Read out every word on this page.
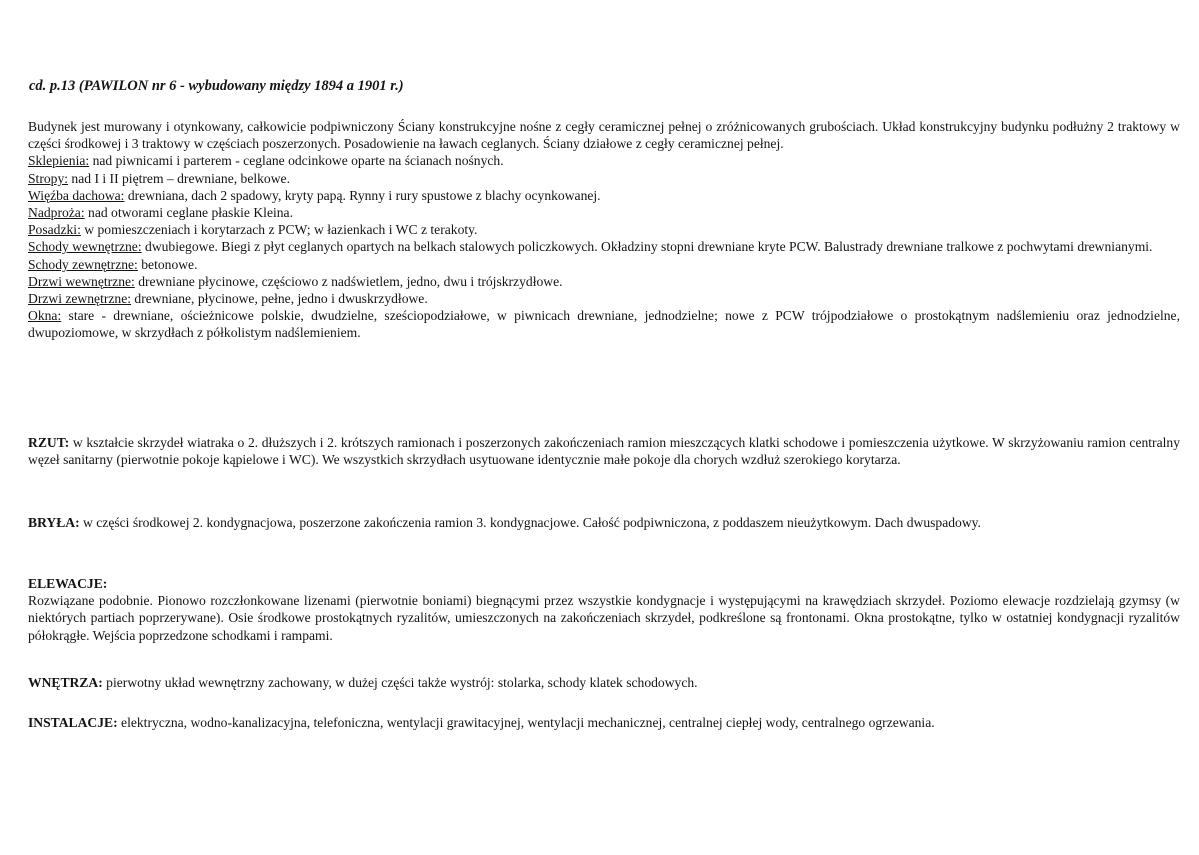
cd. p.13 (PAWILON nr 6 - wybudowany między 1894 a 1901 r.)

Budynek jest murowany i otynkowany, całkowicie podpiwniczony Ściany konstrukcyjne nośne z cegły ceramicznej pełnej o zróżnicowanych grubościach. Układ konstrukcyjny budynku podłużny 2 traktowy w części środkowej i 3 traktowy w częściach poszerzonych. Posadowienie na ławach ceglanych. Ściany działowe z cegły ceramicznej pełnej.

Sklepienia: nad piwnicami i parterem - ceglane odcinkowe oparte na ścianach nośnych.

Stropy: nad I i II piętrem – drewniane, belkowe.

Więźba dachowa: drewniana, dach 2 spadowy, kryty papą. Rynny i rury spustowe z blachy ocynkowanej.

Nadproża: nad otworami ceglane płaskie Kleina.

Posadzki: w pomieszczeniach i korytarzach z PCW; w łazienkach i WC z terakoty.

Schody wewnętrzne: dwubiegowe. Biegi z płyt ceglanych opartych na belkach stalowych policzkowych. Okładziny stopni drewniane kryte PCW. Balustrady drewniane tralkowe z pochwytami drewnianymi.

Schody zewnętrzne: betonowe.

Drzwi wewnętrzne: drewniane płycinowe, częściowo z nadświetlem, jedno, dwu i trójskrzydłowe.

Drzwi zewnętrzne: drewniane, płycinowe, pełne, jedno i dwuskrzydłowe.

Okna: stare - drewniane, ościeżnicowe polskie, dwudzielne, sześciopodziałowe, w piwnicach drewniane, jednodzielne; nowe z PCW trójpodziałowe o prostokątnym nadślemieniu oraz jednodzielne, dwupoziomowe, w skrzydłach z półkolistym nadślemieniem.

RZUT: w kształcie skrzydeł wiatraka o 2. dłuższych i 2. krótszych ramionach i poszerzonych zakończeniach ramion mieszczących klatki schodowe i pomieszczenia użytkowe. W skrzyżowaniu ramion centralny węzeł sanitarny (pierwotnie pokoje kąpielowe i WC). We wszystkich skrzydłach usytuowane identycznie małe pokoje dla chorych wzdłuż szerokiego korytarza.

BRYŁA: w części środkowej 2. kondygnacjowa, poszerzone zakończenia ramion 3. kondygnacjowe. Całość podpiwniczona, z poddaszem nieużytkowym. Dach dwuspadowy.

ELEWACJE:

Rozwiązane podobnie. Pionowo rozczłonkowane lizenami (pierwotnie boniami) biegnącymi przez wszystkie kondygnacje i występującymi na krawędziach skrzydeł. Poziomo elewacje rozdzielają gzymsy (w niektórych partiach poprzerywane). Osie środkowe prostokątnych ryzalitów, umieszczonych na zakończeniach skrzydeł, podkreślone są frontonami. Okna prostokątne, tylko w ostatniej kondygnacji ryzalitów półokrągłe. Wejścia poprzedzone schodkami i rampami.

WNĘTRZA: pierwotny układ wewnętrzny zachowany, w dużej części także wystrój: stolarka, schody klatek schodowych.

INSTALACJE: elektryczna, wodno-kanalizacyjna, telefoniczna, wentylacji grawitacyjnej, wentylacji mechanicznej, centralnej ciepłej wody, centralnego ogrzewania.
